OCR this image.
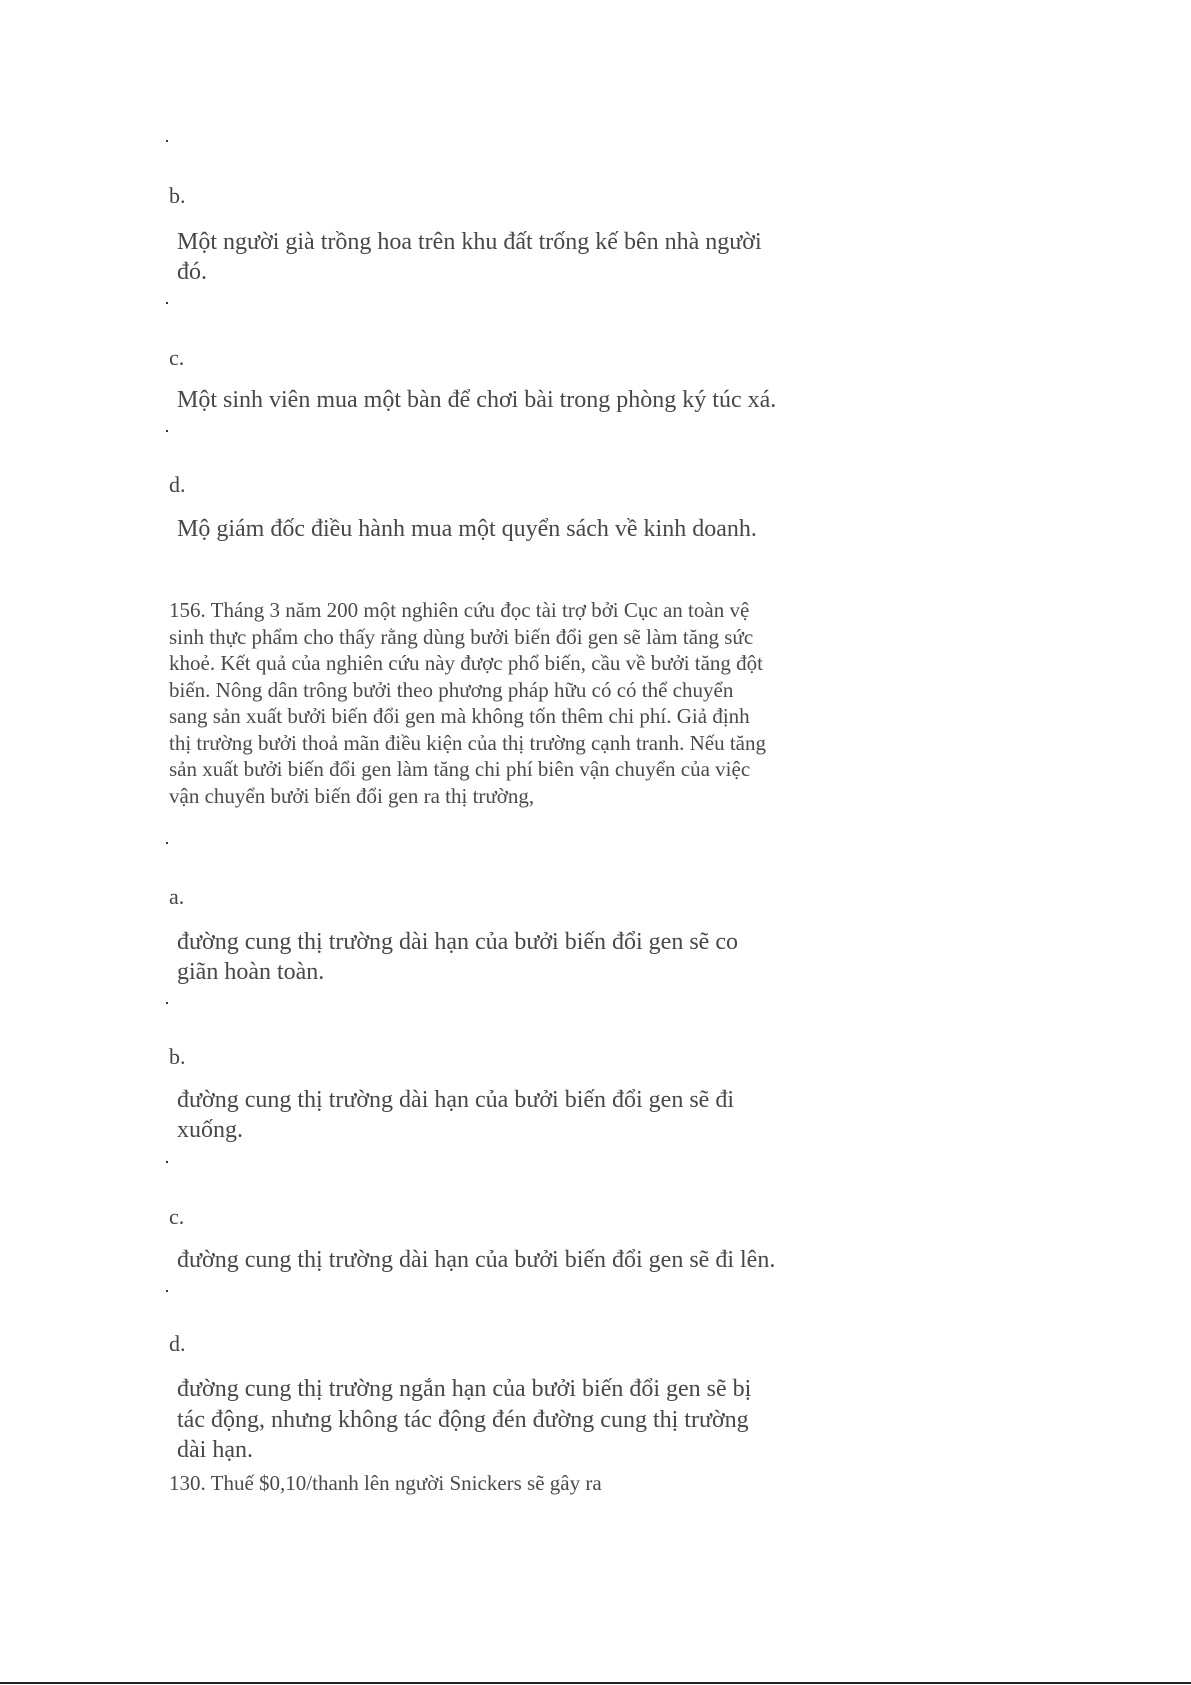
b.
Một người già trồng hoa trên khu đất trống kế bên nhà người
đó.
c.
Một sinh viên mua một bàn để chơi bài trong phòng ký túc xá.
d.
Mộ giám đốc điều hành mua một quyển sách về kinh doanh.
156. Tháng 3 năm 200 một nghiên cứu đọc tài trợ bởi Cục an toàn vệ
sinh thực phẩm cho thấy rằng dùng bưởi biến đổi gen sẽ làm tăng sức
khoẻ. Kết quả của nghiên cứu này được phổ biến, cầu về bưởi tăng đột
biến. Nông dân trông bưởi theo phương pháp hữu có có thể chuyển
sang sản xuất bưởi biến đổi gen mà không tốn thêm chi phí. Giả định
thị trường bưởi thoả mãn điều kiện của thị trường cạnh tranh. Nếu tăng
sản xuất bưởi biến đổi gen làm tăng chi phí biên vận chuyển của việc
vận chuyển bưởi biến đổi gen ra thị trường,
a.
đường cung thị trường dài hạn của bưởi biến đổi gen sẽ co
giãn hoàn toàn.
b.
đường cung thị trường dài hạn của bưởi biến đổi gen sẽ đi
xuống.
c.
đường cung thị trường dài hạn của bưởi biến đổi gen sẽ đi lên.
d.
đường cung thị trường ngắn hạn của bưởi biến đổi gen sẽ bị
tác động, nhưng không tác động đén đường cung thị trường
dài hạn.
130. Thuế $0,10/thanh lên người Snickers sẽ gây ra
